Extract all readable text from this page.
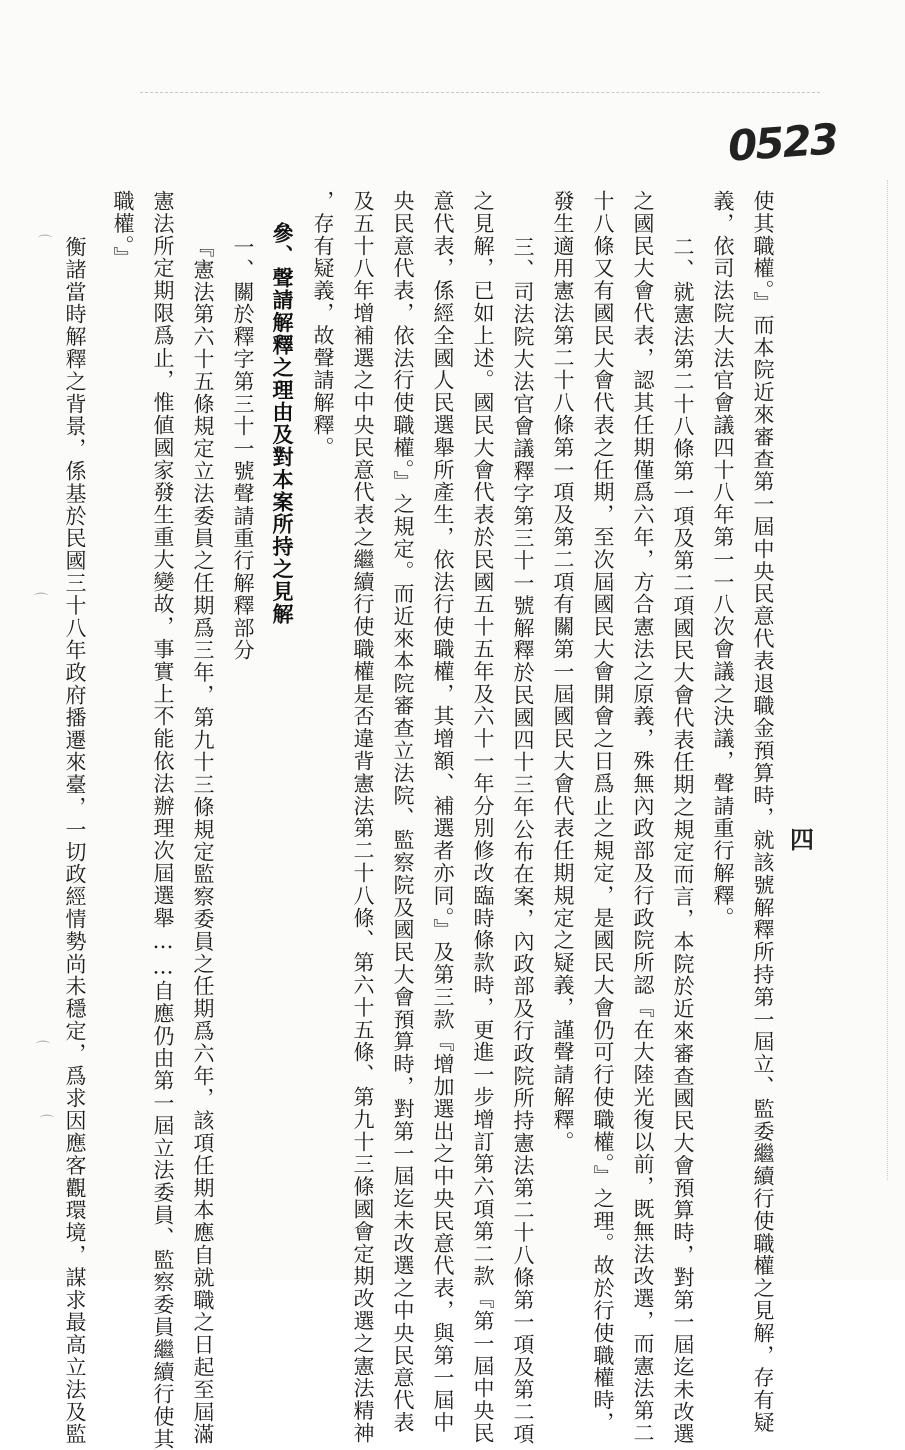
0523
四
使其職權。』而本院近來審查第一屆中央民意代表退職金預算時，就該號解釋所持第一屆立、監委繼續行使職權之見解，存有疑
義，依司法院大法官會議四十八年第一一八次會議之決議，聲請重行解釋。
二、就憲法第二十八條第一項及第二項國民大會代表任期之規定而言，本院於近來審查國民大會預算時，對第一屆迄未改選
之國民大會代表，認其任期僅爲六年，方合憲法之原義，殊無內政部及行政院所認『在大陸光復以前，既無法改選，而憲法第二
十八條又有國民大會代表之任期，至次屆國民大會開會之日爲止之規定，是國民大會仍可行使職權。』之理。故於行使職權時，
發生適用憲法第二十八條第一項及第二項有關第一屆國民大會代表任期規定之疑義，謹聲請解釋。
三、司法院大法官會議釋字第三十一號解釋於民國四十三年公布在案，內政部及行政院所持憲法第二十八條第一項及第二項
之見解，已如上述。國民大會代表於民國五十五年及六十一年分別修改臨時條款時，更進一步增訂第六項第二款『第一屆中央民
意代表，係經全國人民選舉所產生，依法行使職權，其增額、補選者亦同。』及第三款『增加選出之中央民意代表，與第一屆中
央民意代表，依法行使職權。』之規定。而近來本院審查立法院、監察院及國民大會預算時，對第一屆迄未改選之中央民意代表
及五十八年增補選之中央民意代表之繼續行使職權是否違背憲法第二十八條、第六十五條、第九十三條國會定期改選之憲法精神
，存有疑義，故聲請解釋。
參、聲請解釋之理由及對本案所持之見解
一、關於釋字第三十一號聲請重行解釋部分
『憲法第六十五條規定立法委員之任期爲三年，第九十三條規定監察委員之任期爲六年，該項任期本應自就職之日起至屆滿
憲法所定期限爲止，惟値國家發生重大變故，事實上不能依法辦理次屆選舉……自應仍由第一屆立法委員、監察委員繼續行使其
職權。』
衡諸當時解釋之背景，係基於民國三十八年政府播遷來臺，一切政經情勢尚未穩定，爲求因應客觀環境，謀求最高立法及監
⌒
⌒
⌒
⌒
